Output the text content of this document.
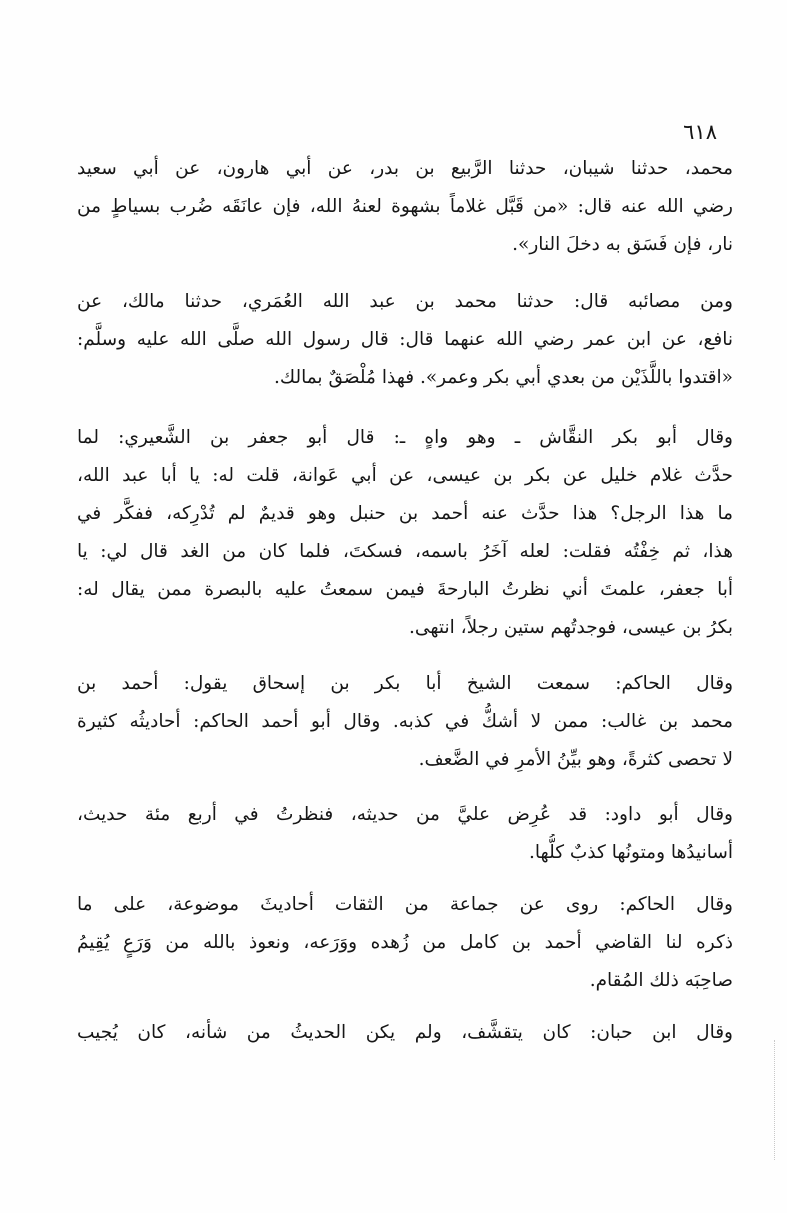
٦١٨
محمد، حدثنا شيبان، حدثنا الرَّبيع بن بدر، عن أبي هارون، عن أبي سعيد
رضي الله عنه قال: «من قَبَّل غلاماً بشهوة لعنهُ الله، فإن عانَقَه ضُرب بسياطٍ من
نار، فإن فَسَق به دخلَ النار».
ومن مصائبه قال: حدثنا محمد بن عبد الله العُمَري، حدثنا مالك، عن
نافع، عن ابن عمر رضي الله عنهما قال: قال رسول الله صلَّى الله عليه وسلَّم:
«اقتدوا باللَّذَيْن من بعدي أبي بكر وعمر». فهذا مُلْصَقٌ بمالك.
وقال أبو بكر النقَّاش ـ وهو واهٍ ـ: قال أبو جعفر بن الشَّعيري: لما
حدَّث غلام خليل عن بكر بن عيسى، عن أبي عَوانة، قلت له: يا أبا عبد الله،
ما هذا الرجل؟ هذا حدَّث عنه أحمد بن حنبل وهو قديمٌ لم تُدْرِكه، ففكَّر في
هذا، ثم خِفْتُه فقلت: لعله آخَرُ باسمه، فسكتَ، فلما كان من الغد قال لي: يا
أبا جعفر، علمتَ أني نظرتُ البارحةَ فيمن سمعتُ عليه بالبصرة ممن يقال له:
بكرُ بن عيسى، فوجدتُهم ستين رجلاً، انتهى.
وقال الحاكم: سمعت الشيخ أبا بكر بن إسحاق يقول: أحمد بن
محمد بن غالب: ممن لا أشكُّ في كذبه. وقال أبو أحمد الحاكم: أحاديثُه كثيرة
لا تحصى كثرةً، وهو بيِّنُ الأمرِ في الضَّعف.
وقال أبو داود: قد عُرِض عليَّ من حديثه، فنظرتُ في أربع مئة حديث،
أسانيدُها ومتونُها كذبٌ كلُّها.
وقال الحاكم: روى عن جماعة من الثقات أحاديثَ موضوعة، على ما
ذكره لنا القاضي أحمد بن كامل من زُهده ووَرَعه، ونعوذ بالله من وَرَعٍ يُقِيمُ
صاحِبَه ذلك المُقام.
وقال ابن حبان: كان يتقشَّف، ولم يكن الحديثُ من شأنه، كان يُجيب
